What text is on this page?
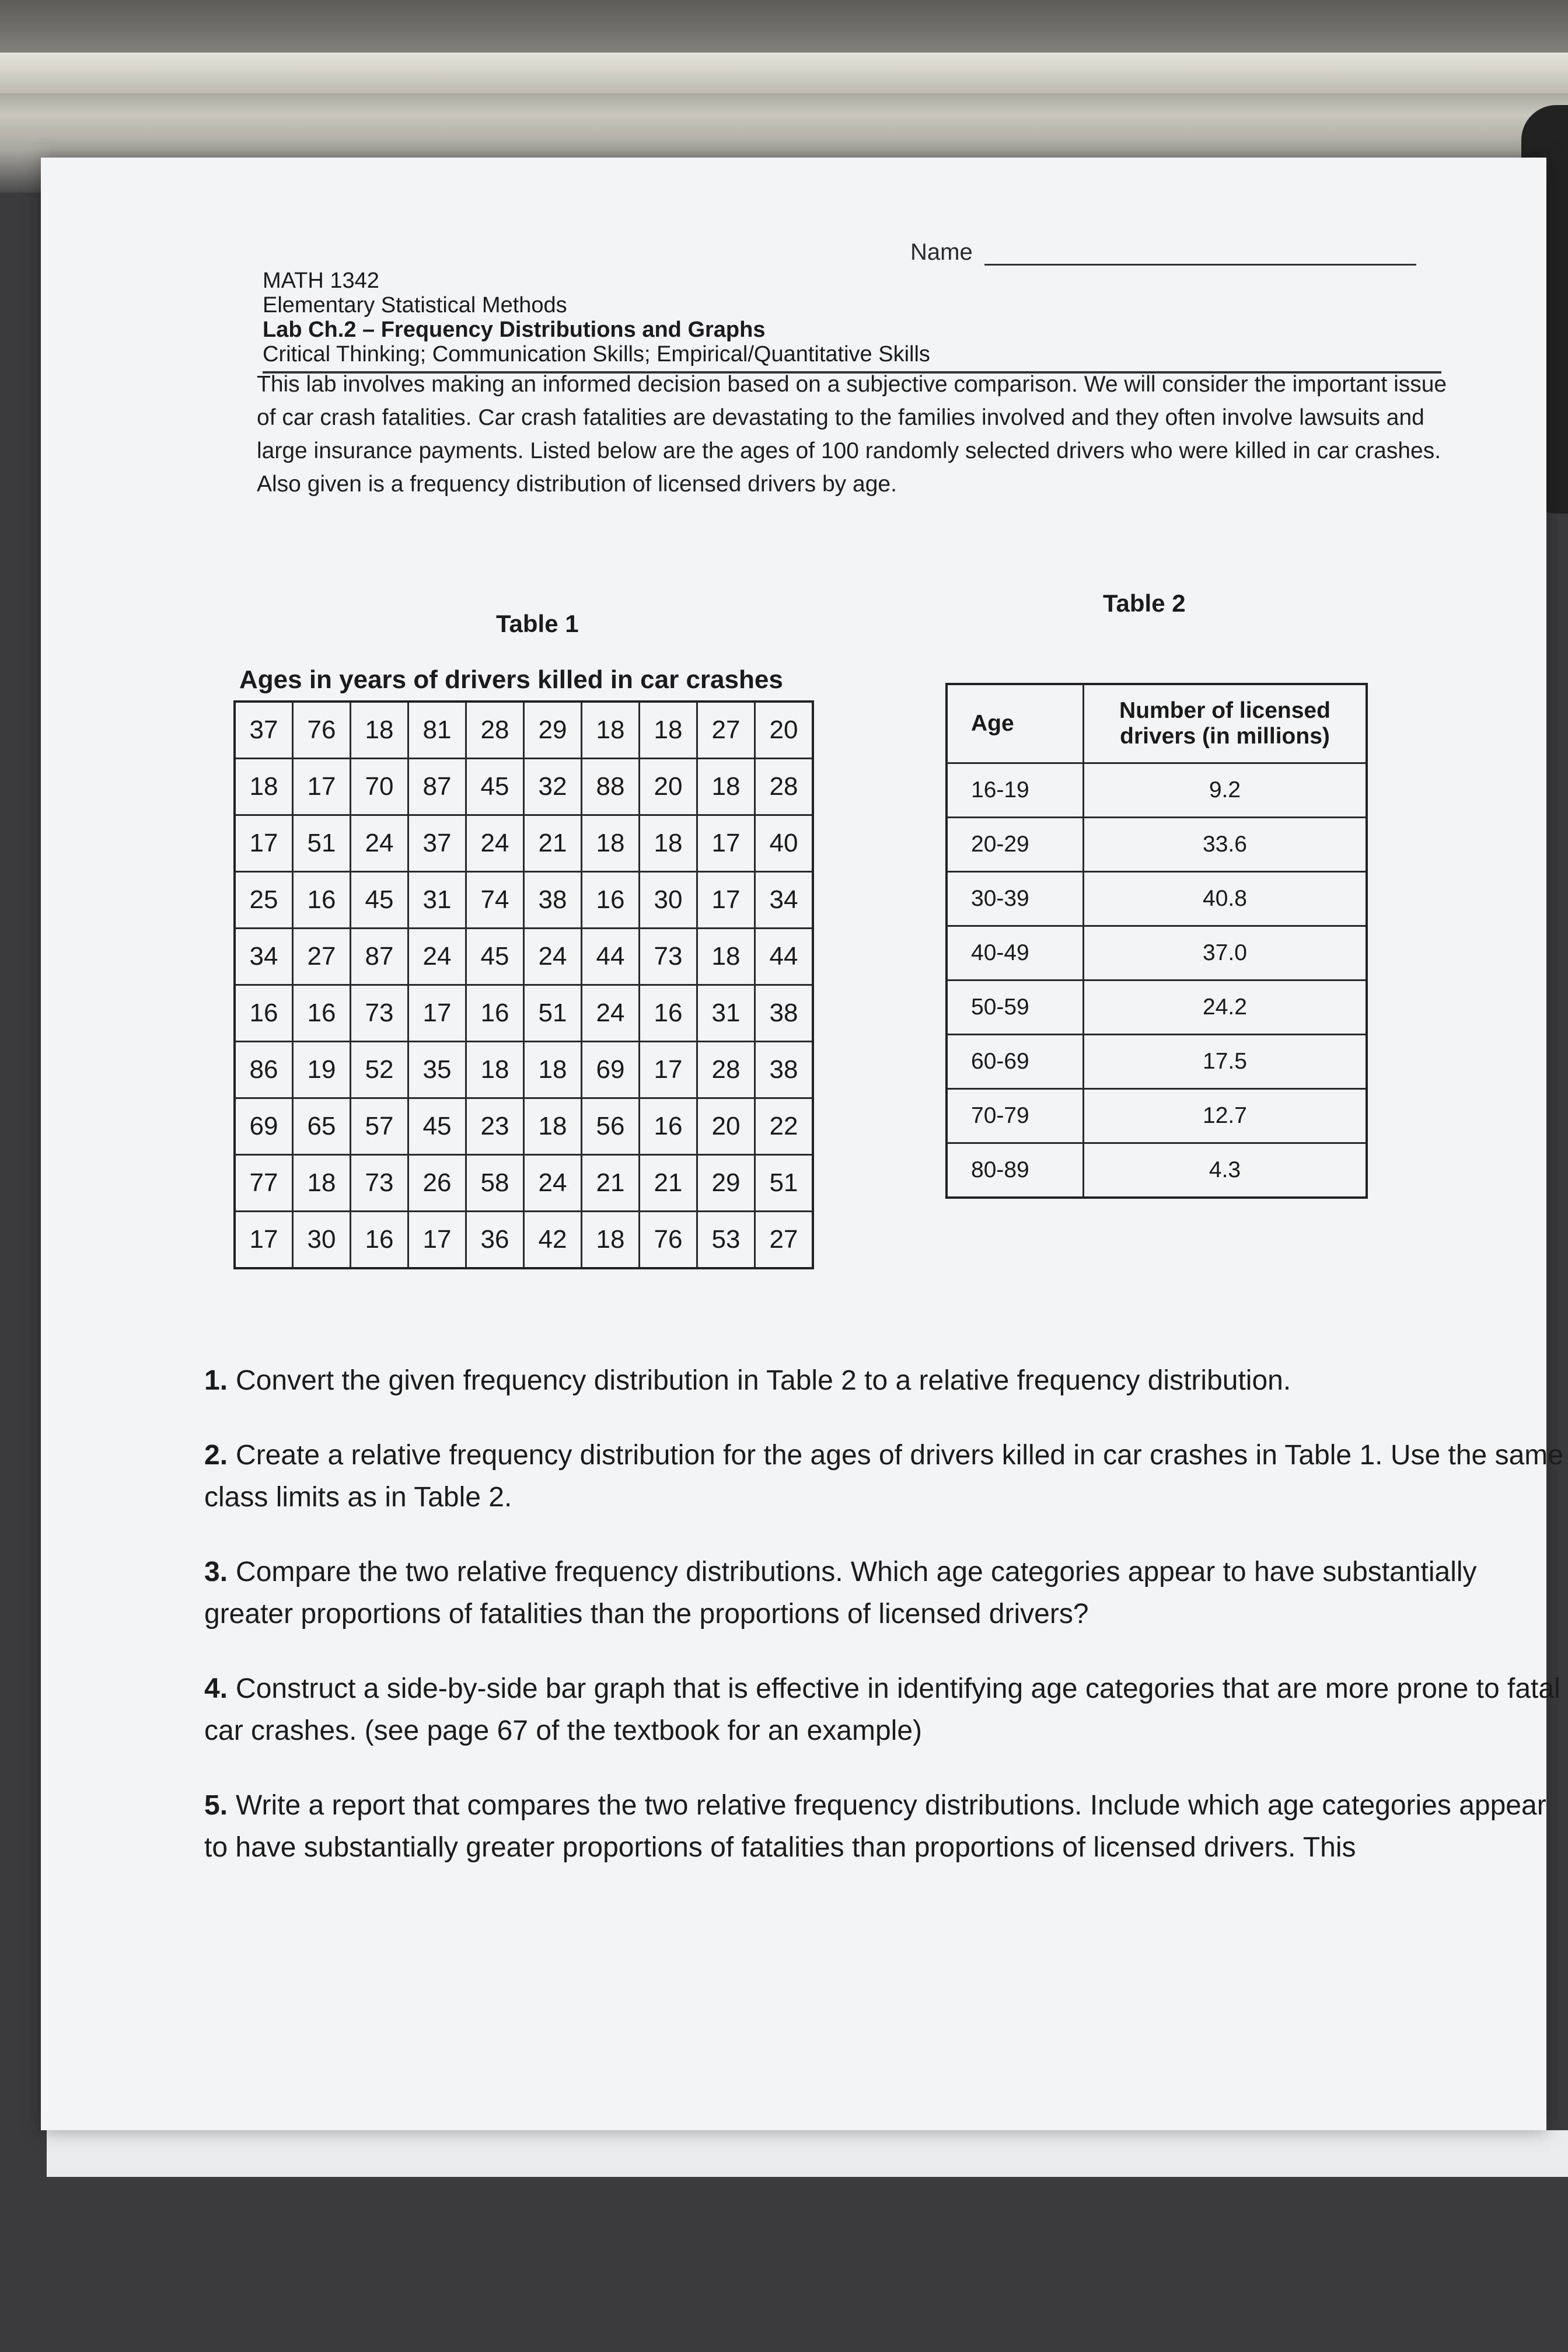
Name
MATH 1342
Elementary Statistical Methods
Lab Ch.2 – Frequency Distributions and Graphs
Critical Thinking; Communication Skills; Empirical/Quantitative Skills
This lab involves making an informed decision based on a subjective comparison. We will consider the important issue of car crash fatalities. Car crash fatalities are devastating to the families involved and they often involve lawsuits and large insurance payments. Listed below are the ages of 100 randomly selected drivers who were killed in car crashes. Also given is a frequency distribution of licensed drivers by age.
Table 1
Table 2
Ages in years of drivers killed in car crashes
37	76	18	81	28	29	18	18	27	20
18	17	70	87	45	32	88	20	18	28
17	51	24	37	24	21	18	18	17	40
25	16	45	31	74	38	16	30	17	34
34	27	87	24	45	24	44	73	18	44
16	16	73	17	16	51	24	16	31	38
86	19	52	35	18	18	69	17	28	38
69	65	57	45	23	18	56	16	20	22
77	18	73	26	58	24	21	21	29	51
17	30	16	17	36	42	18	76	53	27
Age	Number of licensed drivers (in millions)
16-19	9.2
20-29	33.6
30-39	40.8
40-49	37.0
50-59	24.2
60-69	17.5
70-79	12.7
80-89	4.3
1. Convert the given frequency distribution in Table 2 to a relative frequency distribution.
2. Create a relative frequency distribution for the ages of drivers killed in car crashes in Table 1. Use the same class limits as in Table 2.
3. Compare the two relative frequency distributions. Which age categories appear to have substantially greater proportions of fatalities than the proportions of licensed drivers?
4. Construct a side-by-side bar graph that is effective in identifying age categories that are more prone to fatal car crashes. (see page 67 of the textbook for an example)
5. Write a report that compares the two relative frequency distributions. Include which age categories appear to have substantially greater proportions of fatalities than proportions of licensed drivers. This
